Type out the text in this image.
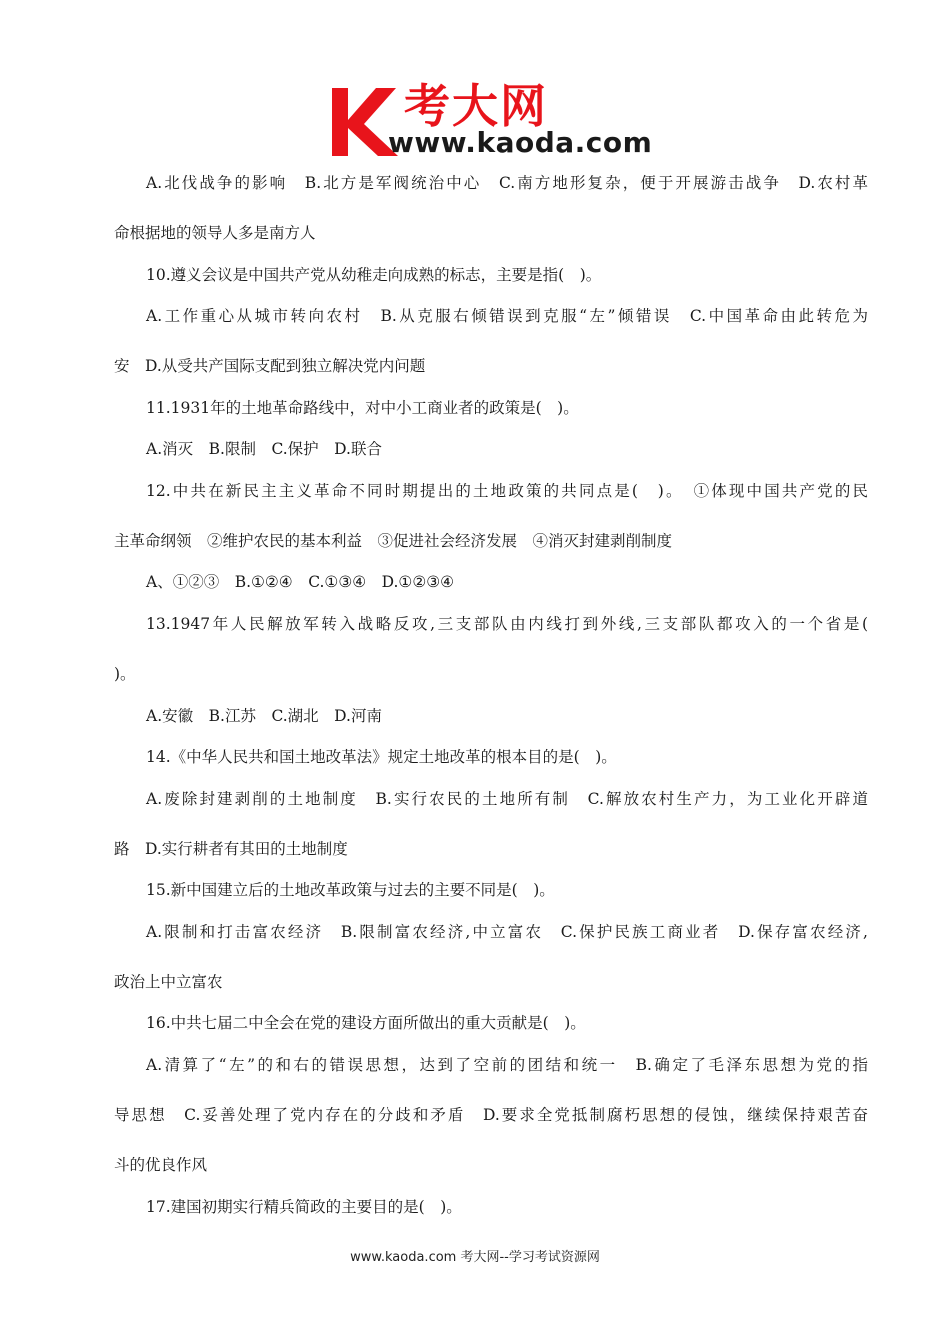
考大网
www.kaoda.com
A.北伐战争的影响　B.北方是军阀统治中心　C.南方地形复杂，便于开展游击战争　D.农村革
命根据地的领导人多是南方人
10.遵义会议是中国共产党从幼稚走向成熟的标志，主要是指(　)。
A.工作重心从城市转向农村　B.从克服右倾错误到克服“左”倾错误　C.中国革命由此转危为
安　D.从受共产国际支配到独立解决党内问题
11.1931年的土地革命路线中，对中小工商业者的政策是(　)。
A.消灭　B.限制　C.保护　D.联合
12.中共在新民主主义革命不同时期提出的土地政策的共同点是(　)。　①体现中国共产党的民
主革命纲领　②维护农民的基本利益　③促进社会经济发展　④消灭封建剥削制度
A、①②③　B.①②④　C.①③④　D.①②③④
13.1947年人民解放军转入战略反攻,三支部队由内线打到外线,三支部队都攻入的一个省是(
)。
A.安徽　B.江苏　C.湖北　D.河南
14.《中华人民共和国土地改革法》规定土地改革的根本目的是(　)。
A.废除封建剥削的土地制度　B.实行农民的土地所有制　C.解放农村生产力，为工业化开辟道
路　D.实行耕者有其田的土地制度
15.新中国建立后的土地改革政策与过去的主要不同是(　)。
A.限制和打击富农经济　B.限制富农经济,中立富农　C.保护民族工商业者　D.保存富农经济,
政治上中立富农
16.中共七届二中全会在党的建设方面所做出的重大贡献是(　)。
A.清算了“左”的和右的错误思想，达到了空前的团结和统一　B.确定了毛泽东思想为党的指
导思想　C.妥善处理了党内存在的分歧和矛盾　D.要求全党抵制腐朽思想的侵蚀，继续保持艰苦奋
斗的优良作风
17.建国初期实行精兵简政的主要目的是(　)。
www.kaoda.com 考大网--学习考试资源网
